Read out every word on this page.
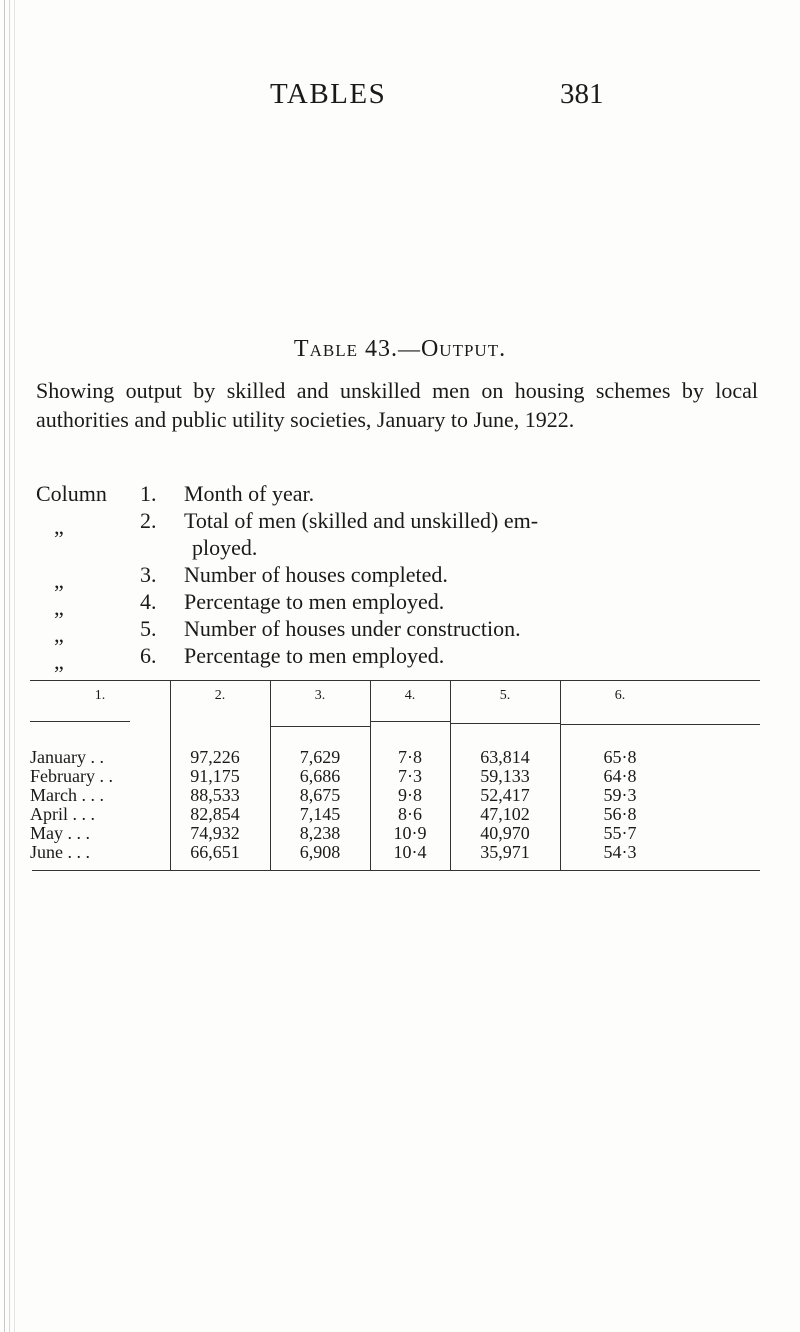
TABLES	381
Table 43.—Output.
Showing output by skilled and unskilled men on housing schemes by local authorities and public utility societies, January to June, 1922.
Column	1.	Month of year.
„	2.	Total of men (skilled and unskilled) em-
ployed.
„	3.	Number of houses completed.
„	4.	Percentage to men employed.
„	5.	Number of houses under construction.
„	6.	Percentage to men employed.
1.	2.	3.	4.	5.	6.
January . .	97,226	7,629	7·8	63,814	65·8
February . .	91,175	6,686	7·3	59,133	64·8
March . . .	88,533	8,675	9·8	52,417	59·3
April . . .	82,854	7,145	8·6	47,102	56·8
May . . .	74,932	8,238	10·9	40,970	55·7
June . . .	66,651	6,908	10·4	35,971	54·3
